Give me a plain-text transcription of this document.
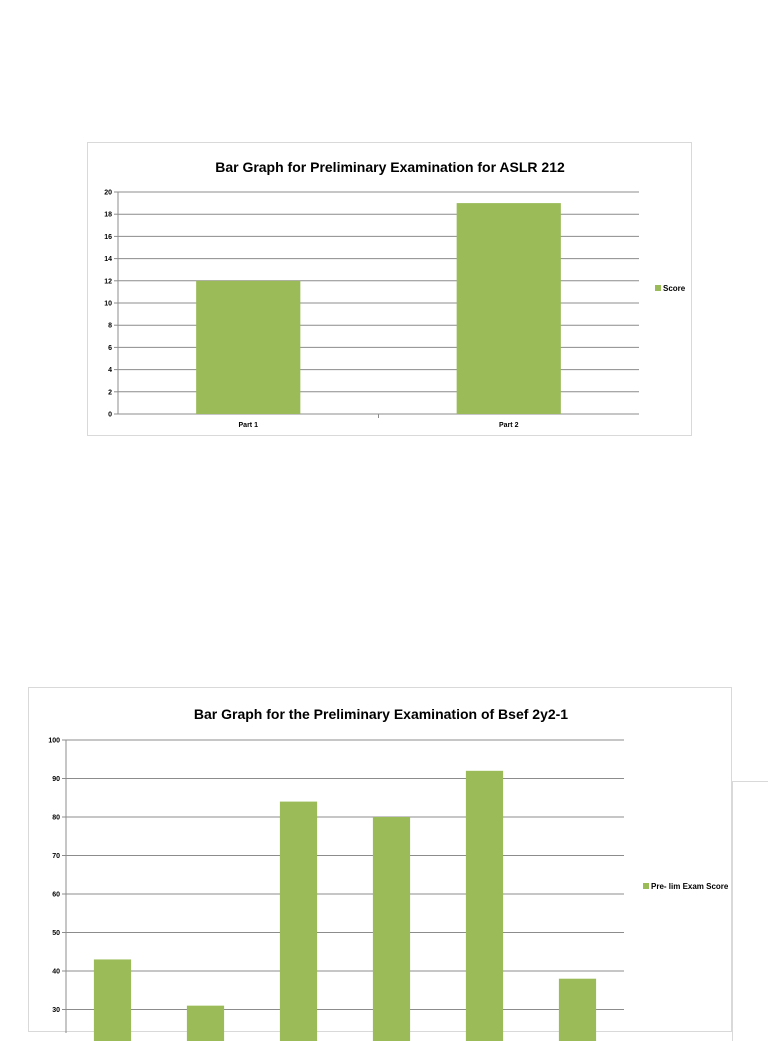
Bar Graph for Preliminary Examination for ASLR 212
0
2
4
6
8
10
12
14
16
18
20
Part 1	Part 2
Score
Bar Graph for the Preliminary Examination of Bsef 2y2-1
30
40
50
60
70
80
90
100
Pre- lim Exam Score
